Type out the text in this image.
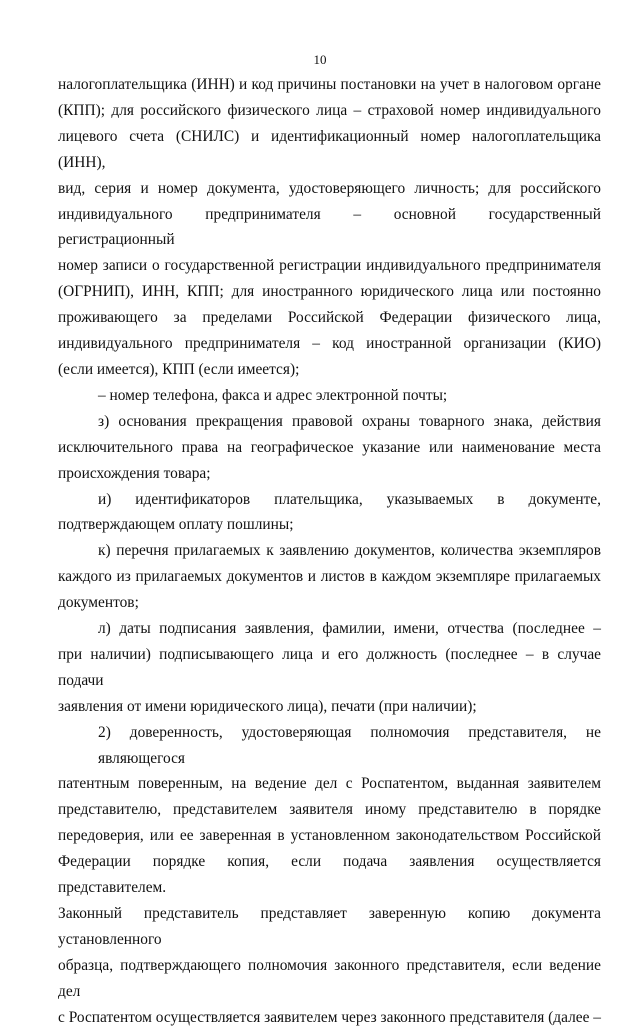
10
налогоплательщика (ИНН) и код причины постановки на учет в налоговом органе
(КПП); для российского физического лица – страховой номер индивидуального
лицевого счета (СНИЛС) и идентификационный номер налогоплательщика (ИНН),
вид, серия и номер документа, удостоверяющего личность; для российского
индивидуального предпринимателя – основной государственный регистрационный
номер записи о государственной регистрации индивидуального предпринимателя
(ОГРНИП), ИНН, КПП; для иностранного юридического лица или постоянно
проживающего за пределами Российской Федерации физического лица,
индивидуального предпринимателя – код иностранной организации (КИО)
(если имеется), КПП (если имеется);
– номер телефона, факса и адрес электронной почты;
з) основания прекращения правовой охраны товарного знака, действия
исключительного права на географическое указание или наименование места
происхождения товара;
и) идентификаторов плательщика, указываемых в документе,
подтверждающем оплату пошлины;
к) перечня прилагаемых к заявлению документов, количества экземпляров
каждого из прилагаемых документов и листов в каждом экземпляре прилагаемых
документов;
л) даты подписания заявления, фамилии, имени, отчества (последнее –
при наличии) подписывающего лица и его должность (последнее – в случае подачи
заявления от имени юридического лица), печати (при наличии);
2) доверенность, удостоверяющая полномочия представителя, не являющегося
патентным поверенным, на ведение дел с Роспатентом, выданная заявителем
представителю, представителем заявителя иному представителю в порядке
передоверия, или ее заверенная в установленном законодательством Российской
Федерации порядке копия, если подача заявления осуществляется представителем.
Законный представитель представляет заверенную копию документа установленного
образца, подтверждающего полномочия законного представителя, если ведение дел
с Роспатентом осуществляется заявителем через законного представителя (далее –
